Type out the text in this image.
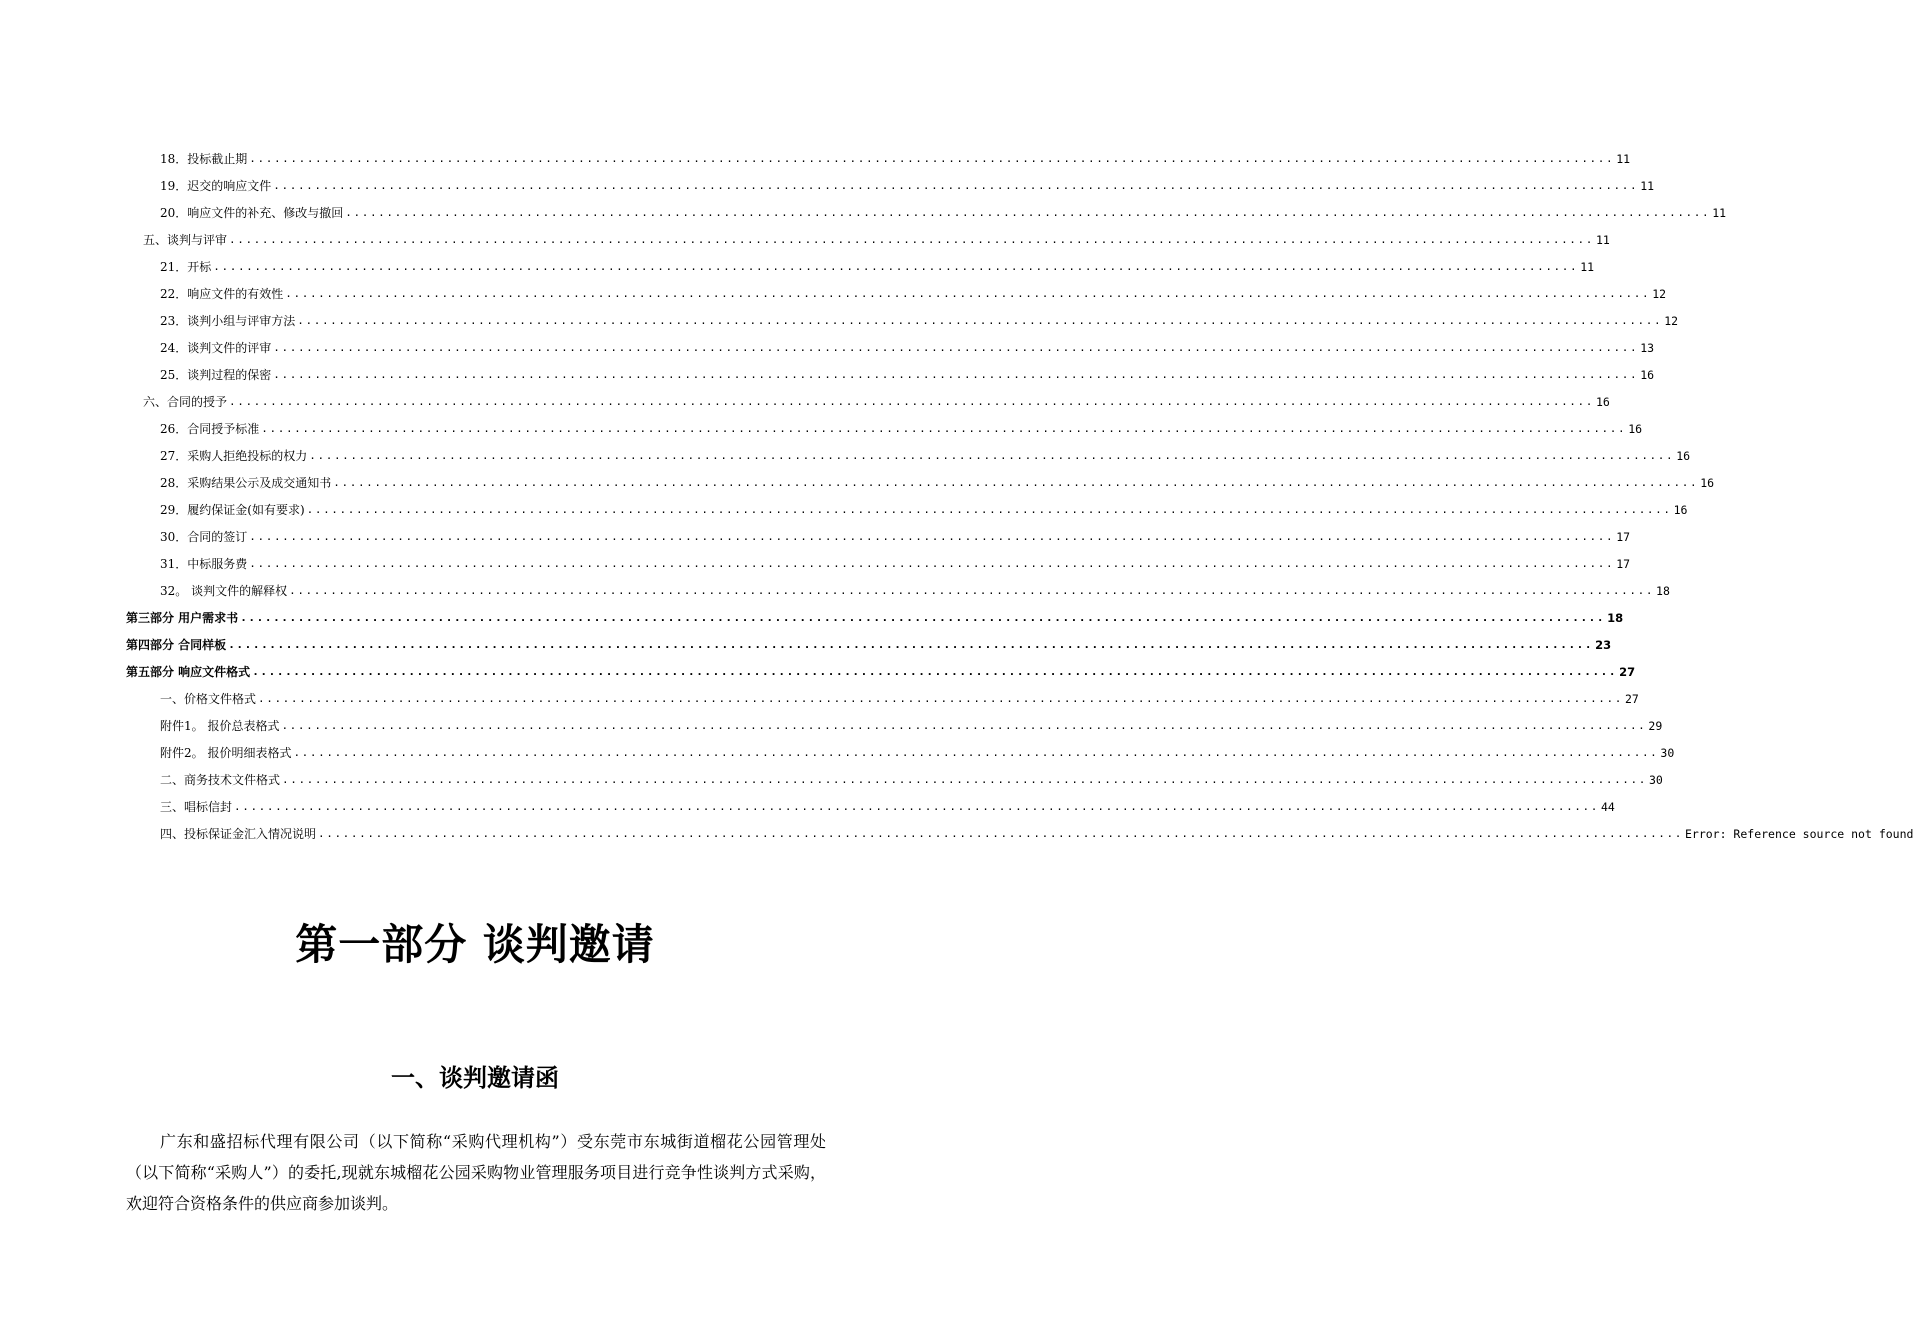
18．投标截止期 ...................................................................................................................................................................... 11
19．迟交的响应文件 ...................................................................................................................................................................... 11
20．响应文件的补充、修改与撤回 ...................................................................................................................................................................... 11
五、谈判与评审 ...................................................................................................................................................................... 11
21．开标 ...................................................................................................................................................................... 11
22．响应文件的有效性 ...................................................................................................................................................................... 12
23．谈判小组与评审方法 ...................................................................................................................................................................... 12
24．谈判文件的评审 ...................................................................................................................................................................... 13
25．谈判过程的保密 ...................................................................................................................................................................... 16
六、合同的授予 ...................................................................................................................................................................... 16
26．合同授予标准 ...................................................................................................................................................................... 16
27．采购人拒绝投标的权力 ...................................................................................................................................................................... 16
28．采购结果公示及成交通知书 ...................................................................................................................................................................... 16
29．履约保证金(如有要求) ...................................................................................................................................................................... 16
30．合同的签订 ...................................................................................................................................................................... 17
31．中标服务费 ...................................................................................................................................................................... 17
32。 谈判文件的解释权 ...................................................................................................................................................................... 18
第三部分 用户需求书 ...................................................................................................................................................................... 18
第四部分 合同样板 ...................................................................................................................................................................... 23
第五部分 响应文件格式 ...................................................................................................................................................................... 27
一、价格文件格式 ...................................................................................................................................................................... 27
附件1。 报价总表格式 ...................................................................................................................................................................... 29
附件2。 报价明细表格式 ...................................................................................................................................................................... 30
二、商务技术文件格式 ...................................................................................................................................................................... 30
三、唱标信封 ...................................................................................................................................................................... 44
四、投标保证金汇入情况说明 ...................................................................................................................................................................... Error: Reference source not found
第一部分 谈判邀请
一、谈判邀请函

广东和盛招标代理有限公司（以下简称“采购代理机构”）受东莞市东城街道榴花公园管理处（以下简称“采购人”）的委托,现就东城榴花公园采购物业管理服务项目进行竞争性谈判方式采购，欢迎符合资格条件的供应商参加谈判。
